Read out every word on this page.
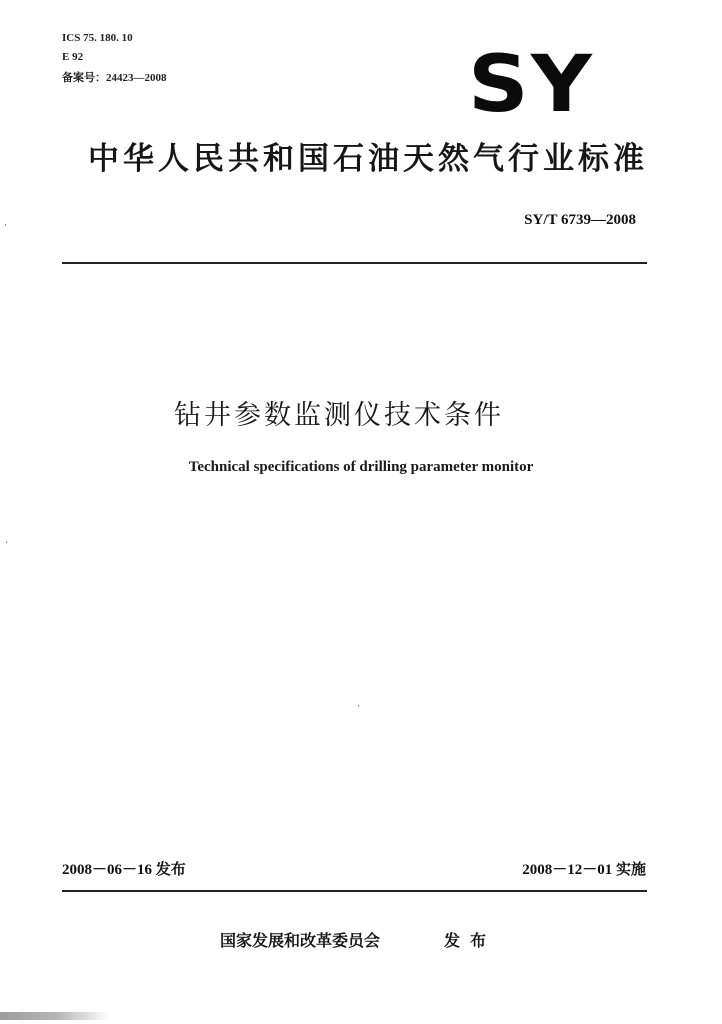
ICS 75. 180. 10
E 92
备案号：24423—2008	SY
中华人民共和国石油天然气行业标准
SY/T 6739—2008
钻井参数监测仪技术条件
Technical specifications of drilling parameter monitor
2008－06－16 发布	2008－12－01 实施
国家发展和改革委员会	发布
